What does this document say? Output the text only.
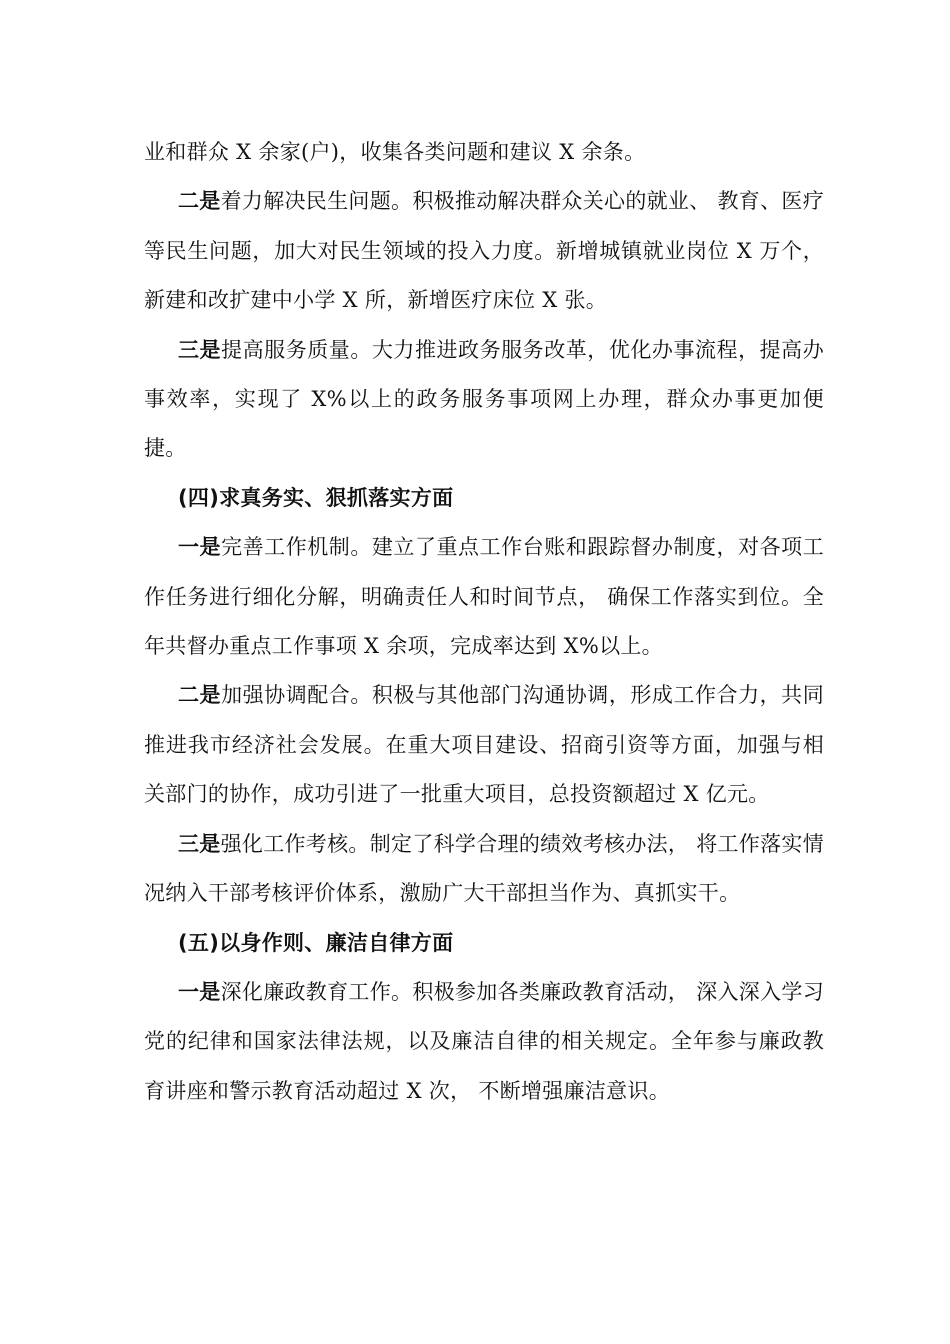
业和群众 X 余家(户)，收集各类问题和建议 X 余条。

二是着力解决民生问题。积极推动解决群众关心的就业、 教育、医疗等民生问题，加大对民生领域的投入力度。新增城镇就业岗位 X 万个，新建和改扩建中小学 X 所，新增医疗床位 X 张。

三是提高服务质量。大力推进政务服务改革，优化办事流程，提高办事效率，实现了 X%以上的政务服务事项网上办理，群众办事更加便捷。

(四)求真务实、狠抓落实方面

一是完善工作机制。建立了重点工作台账和跟踪督办制度，对各项工作任务进行细化分解，明确责任人和时间节点， 确保工作落实到位。全年共督办重点工作事项 X 余项，完成率达到 X%以上。

二是加强协调配合。积极与其他部门沟通协调，形成工作合力，共同推进我市经济社会发展。在重大项目建设、招商引资等方面，加强与相关部门的协作，成功引进了一批重大项目，总投资额超过 X 亿元。

三是强化工作考核。制定了科学合理的绩效考核办法， 将工作落实情况纳入干部考核评价体系，激励广大干部担当作为、真抓实干。

(五)以身作则、廉洁自律方面

一是深化廉政教育工作。积极参加各类廉政教育活动， 深入深入学习党的纪律和国家法律法规，以及廉洁自律的相关规定。全年参与廉政教育讲座和警示教育活动超过 X 次， 不断增强廉洁意识。
